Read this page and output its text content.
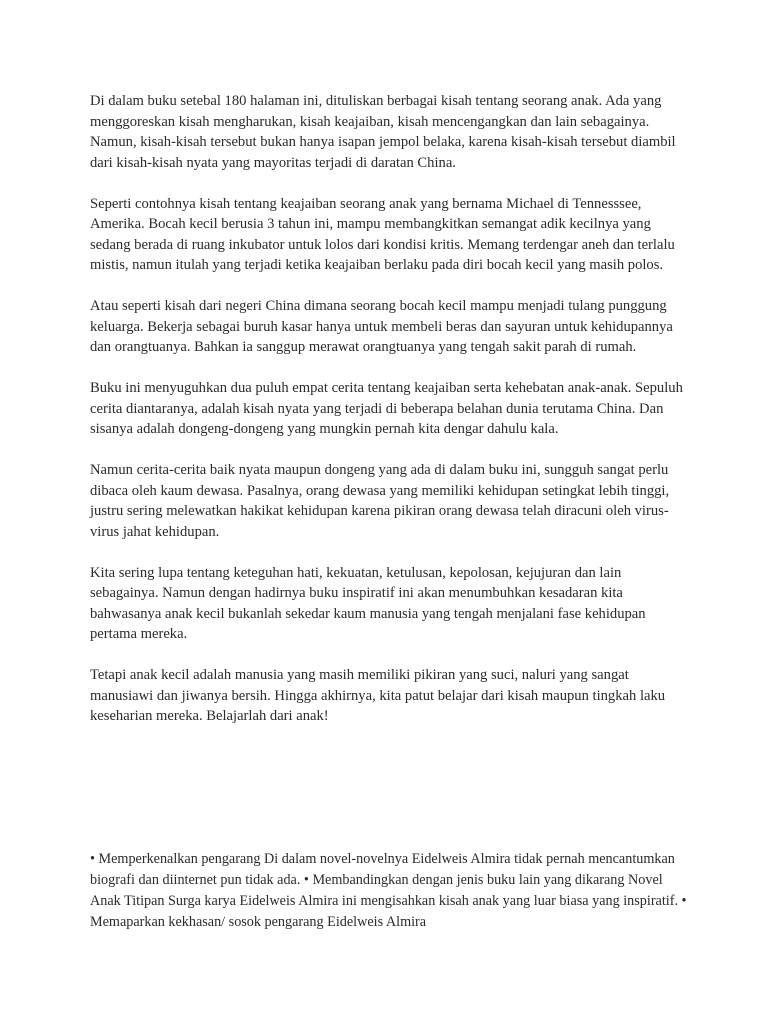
Di dalam buku setebal 180 halaman ini, dituliskan berbagai kisah tentang seorang anak. Ada yang menggoreskan kisah mengharukan, kisah keajaiban, kisah mencengangkan dan lain sebagainya. Namun, kisah-kisah tersebut bukan hanya isapan jempol belaka, karena kisah-kisah tersebut diambil dari kisah-kisah nyata yang mayoritas terjadi di daratan China.

Seperti contohnya kisah tentang keajaiban seorang anak yang bernama Michael di Tennesssee, Amerika. Bocah kecil berusia 3 tahun ini, mampu membangkitkan semangat adik kecilnya yang sedang berada di ruang inkubator untuk lolos dari kondisi kritis. Memang terdengar aneh dan terlalu mistis, namun itulah yang terjadi ketika keajaiban berlaku pada diri bocah kecil yang masih polos.

Atau seperti kisah dari negeri China dimana seorang bocah kecil mampu menjadi tulang punggung keluarga. Bekerja sebagai buruh kasar hanya untuk membeli beras dan sayuran untuk kehidupannya dan orangtuanya. Bahkan ia sanggup merawat orangtuanya yang tengah sakit parah di rumah.

Buku ini menyuguhkan dua puluh empat cerita tentang keajaiban serta kehebatan anak-anak. Sepuluh cerita diantaranya, adalah kisah nyata yang terjadi di beberapa belahan dunia terutama China. Dan sisanya adalah dongeng-dongeng yang mungkin pernah kita dengar dahulu kala.

Namun cerita-cerita baik nyata maupun dongeng yang ada di dalam buku ini, sungguh sangat perlu dibaca oleh kaum dewasa. Pasalnya, orang dewasa yang memiliki kehidupan setingkat lebih tinggi, justru sering melewatkan hakikat kehidupan karena pikiran orang dewasa telah diracuni oleh virus-virus jahat kehidupan.

Kita sering lupa tentang keteguhan hati, kekuatan, ketulusan, kepolosan, kejujuran dan lain sebagainya. Namun dengan hadirnya buku inspiratif ini akan menumbuhkan kesadaran kita bahwasanya anak kecil bukanlah sekedar kaum manusia yang tengah menjalani fase kehidupan pertama mereka.

Tetapi anak kecil adalah manusia yang masih memiliki pikiran yang suci, naluri yang sangat manusiawi dan jiwanya bersih. Hingga akhirnya, kita patut belajar dari kisah maupun tingkah laku keseharian mereka. Belajarlah dari anak!

• Memperkenalkan pengarang Di dalam novel-novelnya Eidelweis Almira tidak pernah mencantumkan biografi dan diinternet pun tidak ada. • Membandingkan dengan jenis buku lain yang dikarang Novel Anak Titipan Surga karya Eidelweis Almira ini mengisahkan kisah anak yang luar biasa yang inspiratif. • Memaparkan kekhasan/ sosok pengarang Eidelweis Almira
